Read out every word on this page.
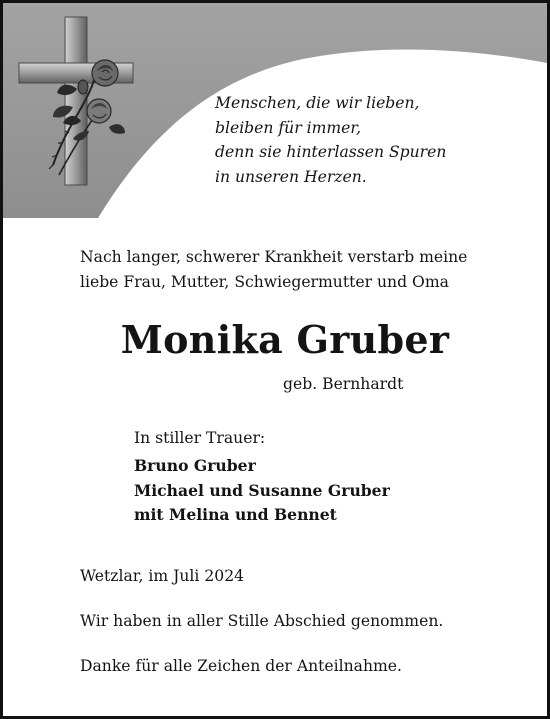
Menschen, die wir lieben,
bleiben für immer,
denn sie hinterlassen Spuren
in unseren Herzen.
Nach langer, schwerer Krankheit verstarb meine
liebe Frau, Mutter, Schwiegermutter und Oma
Monika Gruber
geb. Bernhardt
In stiller Trauer:
Bruno Gruber
Michael und Susanne Gruber
mit Melina und Bennet
Wetzlar, im Juli 2024
Wir haben in aller Stille Abschied genommen.
Danke für alle Zeichen der Anteilnahme.
